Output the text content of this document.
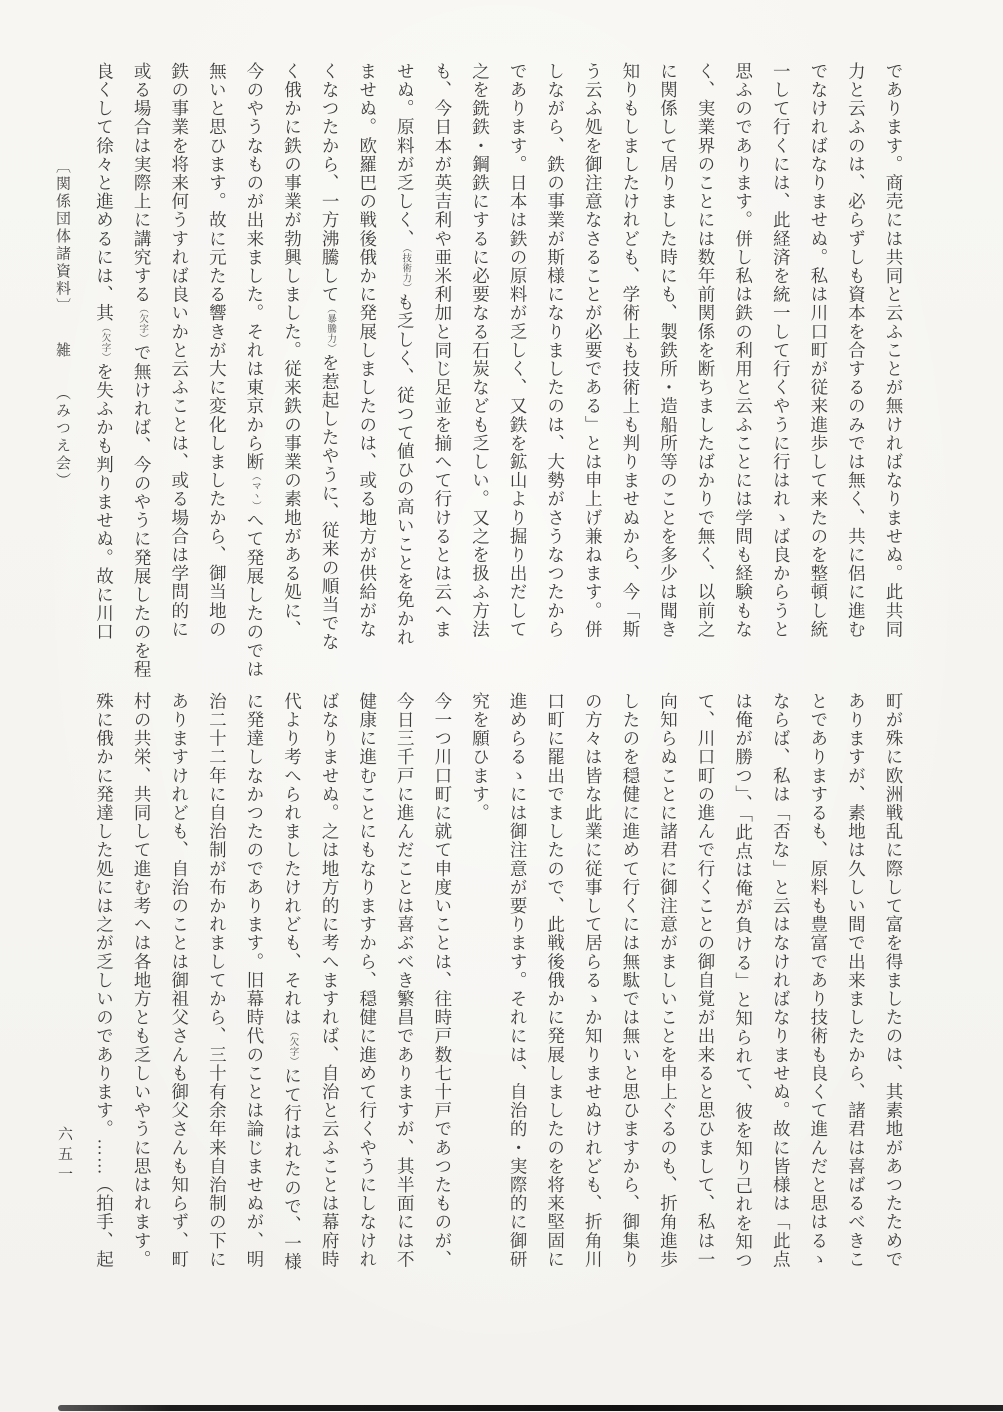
であります。商売には共同と云ふことが無ければなりませぬ。此共同
力と云ふのは、必らずしも資本を合するのみでは無く、共に侶に進む
でなければなりませぬ。私は川口町が従来進歩して来たのを整頓し統
一して行くには、此経済を統一して行くやうに行はれゝば良からうと
思ふのであります。併し私は鉄の利用と云ふことには学問も経験もな
く、実業界のことには数年前関係を断ちましたばかりで無く、以前之
に関係して居りました時にも、製鉄所・造船所等のことを多少は聞き
知りもしましたけれども、学術上も技術上も判りませぬから、今「斯
う云ふ処を御注意なさることが必要である」とは申上げ兼ねます。併
しながら、鉄の事業が斯様になりましたのは、大勢がさうなつたから
であります。日本は鉄の原料が乏しく、又鉄を鉱山より掘り出だして
之を銑鉄・鋼鉄にするに必要なる石炭なども乏しい。又之を扱ふ方法
も、今日本が英吉利や亜米利加と同じ足並を揃へて行けるとは云へま
せぬ。原料が乏しく、（技術力）も乏しく、従つて値ひの高いことを免かれ
ませぬ。欧羅巴の戦後俄かに発展しましたのは、或る地方が供給がな
くなつたから、一方沸騰して（暴騰力）を惹起したやうに、従来の順当でな
く俄かに鉄の事業が勃興しました。従来鉄の事業の素地がある処に、
今のやうなものが出来ました。それは東京から断（マヽ）へて発展したのでは
無いと思ひます。故に元たる響きが大に変化しましたから、御当地の
鉄の事業を将来何うすれば良いかと云ふことは、或る場合は学問的に
或る場合は実際上に講究する（欠字）で無ければ、今のやうに発展したのを程
良くして徐々と進めるには、其（欠字）を失ふかも判りませぬ。故に川口
町が殊に欧洲戦乱に際して富を得ましたのは、其素地があつたためで
ありますが、素地は久しい間で出来ましたから、諸君は喜ばるべきこ
とでありまするも、原料も豊富であり技術も良くて進んだと思はるゝ
ならば、私は「否な」と云はなければなりませぬ。故に皆様は「此点
は俺が勝つ」、「此点は俺が負ける」と知られて、彼を知り己れを知つ
て、川口町の進んで行くことの御自覚が出来ると思ひまして、私は一
向知らぬことに諸君に御注意がましいことを申上ぐるのも、折角進歩
したのを穏健に進めて行くには無駄では無いと思ひますから、御集り
の方々は皆な此業に従事して居らるゝか知りませぬけれども、折角川
口町に罷出でましたので、此戦後俄かに発展しましたのを将来堅固に
進めらるゝには御注意が要ります。それには、自治的・実際的に御研
究を願ひます。
今一つ川口町に就て申度いことは、往時戸数七十戸であつたものが、
今日三千戸に進んだことは喜ぶべき繁昌でありますが、其半面には不
健康に進むことにもなりますから、穏健に進めて行くやうにしなけれ
ばなりませぬ。之は地方的に考へますれば、自治と云ふことは幕府時
代より考へられましたけれども、それは（欠字）にて行はれたので、一様
に発達しなかつたのであります。旧幕時代のことは論じませぬが、明
治二十二年に自治制が布かれましてから、三十有余年来自治制の下に
ありますけれども、自治のことは御祖父さんも御父さんも知らず、町
村の共栄、共同して進む考へは各地方とも乏しいやうに思はれます。
殊に俄かに発達した処には之が乏しいのであります。……（拍手、起
〔関係団体諸資料〕雑（みつえ会）
六五一
